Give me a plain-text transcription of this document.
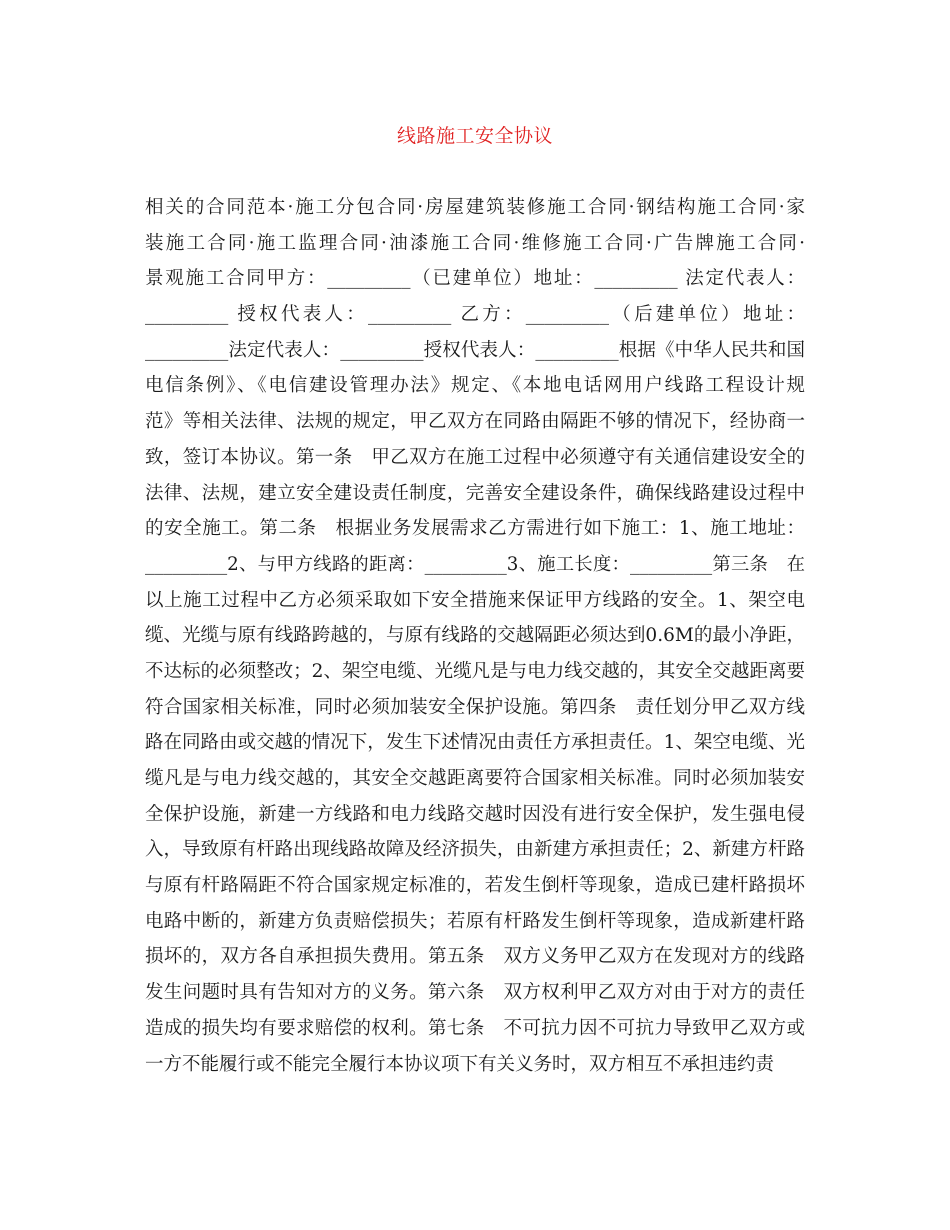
线路施工安全协议
相关的合同范本·施工分包合同·房屋建筑装修施工合同·钢结构施工合同·家
装施工合同·施工监理合同·油漆施工合同·维修施工合同·广告牌施工合同·
景观施工合同甲方：_________（已建单位）地址：_________ 法定代表人：
_________ 授权代表人：_________ 乙方：_________（后建单位）地址：
_________法定代表人：_________授权代表人：_________根据《中华人民共和国
电信条例》、《电信建设管理办法》规定、《本地电话网用户线路工程设计规
范》等相关法律、法规的规定，甲乙双方在同路由隔距不够的情况下，经协商一
致，签订本协议。第一条　甲乙双方在施工过程中必须遵守有关通信建设安全的
法律、法规，建立安全建设责任制度，完善安全建设条件，确保线路建设过程中
的安全施工。第二条　根据业务发展需求乙方需进行如下施工：1、施工地址：
_________2、与甲方线路的距离：_________3、施工长度：_________第三条　在
以上施工过程中乙方必须采取如下安全措施来保证甲方线路的安全。1、架空电
缆、光缆与原有线路跨越的，与原有线路的交越隔距必须达到0.6M的最小净距，
不达标的必须整改；2、架空电缆、光缆凡是与电力线交越的，其安全交越距离要
符合国家相关标准，同时必须加装安全保护设施。第四条　责任划分甲乙双方线
路在同路由或交越的情况下，发生下述情况由责任方承担责任。1、架空电缆、光
缆凡是与电力线交越的，其安全交越距离要符合国家相关标准。同时必须加装安
全保护设施，新建一方线路和电力线路交越时因没有进行安全保护，发生强电侵
入，导致原有杆路出现线路故障及经济损失，由新建方承担责任；2、新建方杆路
与原有杆路隔距不符合国家规定标准的，若发生倒杆等现象，造成已建杆路损坏
电路中断的，新建方负责赔偿损失；若原有杆路发生倒杆等现象，造成新建杆路
损坏的，双方各自承担损失费用。第五条　双方义务甲乙双方在发现对方的线路
发生问题时具有告知对方的义务。第六条　双方权利甲乙双方对由于对方的责任
造成的损失均有要求赔偿的权利。第七条　不可抗力因不可抗力导致甲乙双方或
一方不能履行或不能完全履行本协议项下有关义务时，双方相互不承担违约责
